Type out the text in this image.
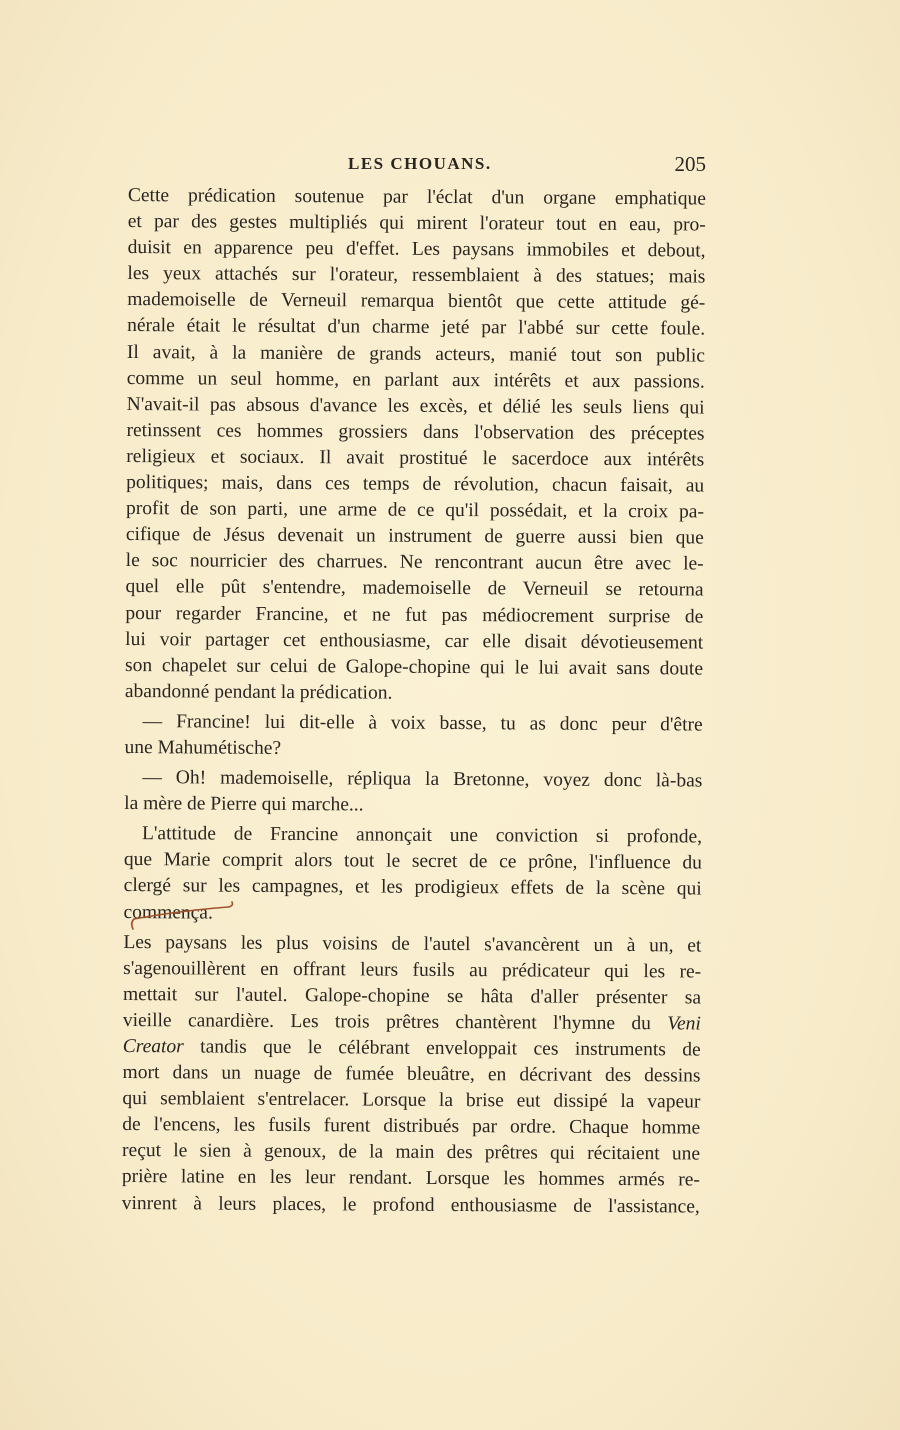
LES CHOUANS.	205
Cette prédication soutenue par l'éclat d'un organe emphatique
et par des gestes multipliés qui mirent l'orateur tout en eau, pro-
duisit en apparence peu d'effet. Les paysans immobiles et debout,
les yeux attachés sur l'orateur, ressemblaient à des statues; mais
mademoiselle de Verneuil remarqua bientôt que cette attitude gé-
nérale était le résultat d'un charme jeté par l'abbé sur cette foule.
Il avait, à la manière de grands acteurs, manié tout son public
comme un seul homme, en parlant aux intérêts et aux passions.
N'avait-il pas absous d'avance les excès, et délié les seuls liens qui
retinssent ces hommes grossiers dans l'observation des préceptes
religieux et sociaux. Il avait prostitué le sacerdoce aux intérêts
politiques; mais, dans ces temps de révolution, chacun faisait, au
profit de son parti, une arme de ce qu'il possédait, et la croix pa-
cifique de Jésus devenait un instrument de guerre aussi bien que
le soc nourricier des charrues. Ne rencontrant aucun être avec le-
quel elle pût s'entendre, mademoiselle de Verneuil se retourna
pour regarder Francine, et ne fut pas médiocrement surprise de
lui voir partager cet enthousiasme, car elle disait dévotieusement
son chapelet sur celui de Galope-chopine qui le lui avait sans doute
abandonné pendant la prédication.
— Francine! lui dit-elle à voix basse, tu as donc peur d'être
une Mahumétische?
— Oh! mademoiselle, répliqua la Bretonne, voyez donc là-bas
la mère de Pierre qui marche...
L'attitude de Francine annonçait une conviction si profonde,
que Marie comprit alors tout le secret de ce prône, l'influence du
clergé sur les campagnes, et les prodigieux effets de la scène qui
commença.
Les paysans les plus voisins de l'autel s'avancèrent un à un, et
s'agenouillèrent en offrant leurs fusils au prédicateur qui les re-
mettait sur l'autel. Galope-chopine se hâta d'aller présenter sa
vieille canardière. Les trois prêtres chantèrent l'hymne du Veni
Creator tandis que le célébrant enveloppait ces instruments de
mort dans un nuage de fumée bleuâtre, en décrivant des dessins
qui semblaient s'entrelacer. Lorsque la brise eut dissipé la vapeur
de l'encens, les fusils furent distribués par ordre. Chaque homme
reçut le sien à genoux, de la main des prêtres qui récitaient une
prière latine en les leur rendant. Lorsque les hommes armés re-
vinrent à leurs places, le profond enthousiasme de l'assistance,
